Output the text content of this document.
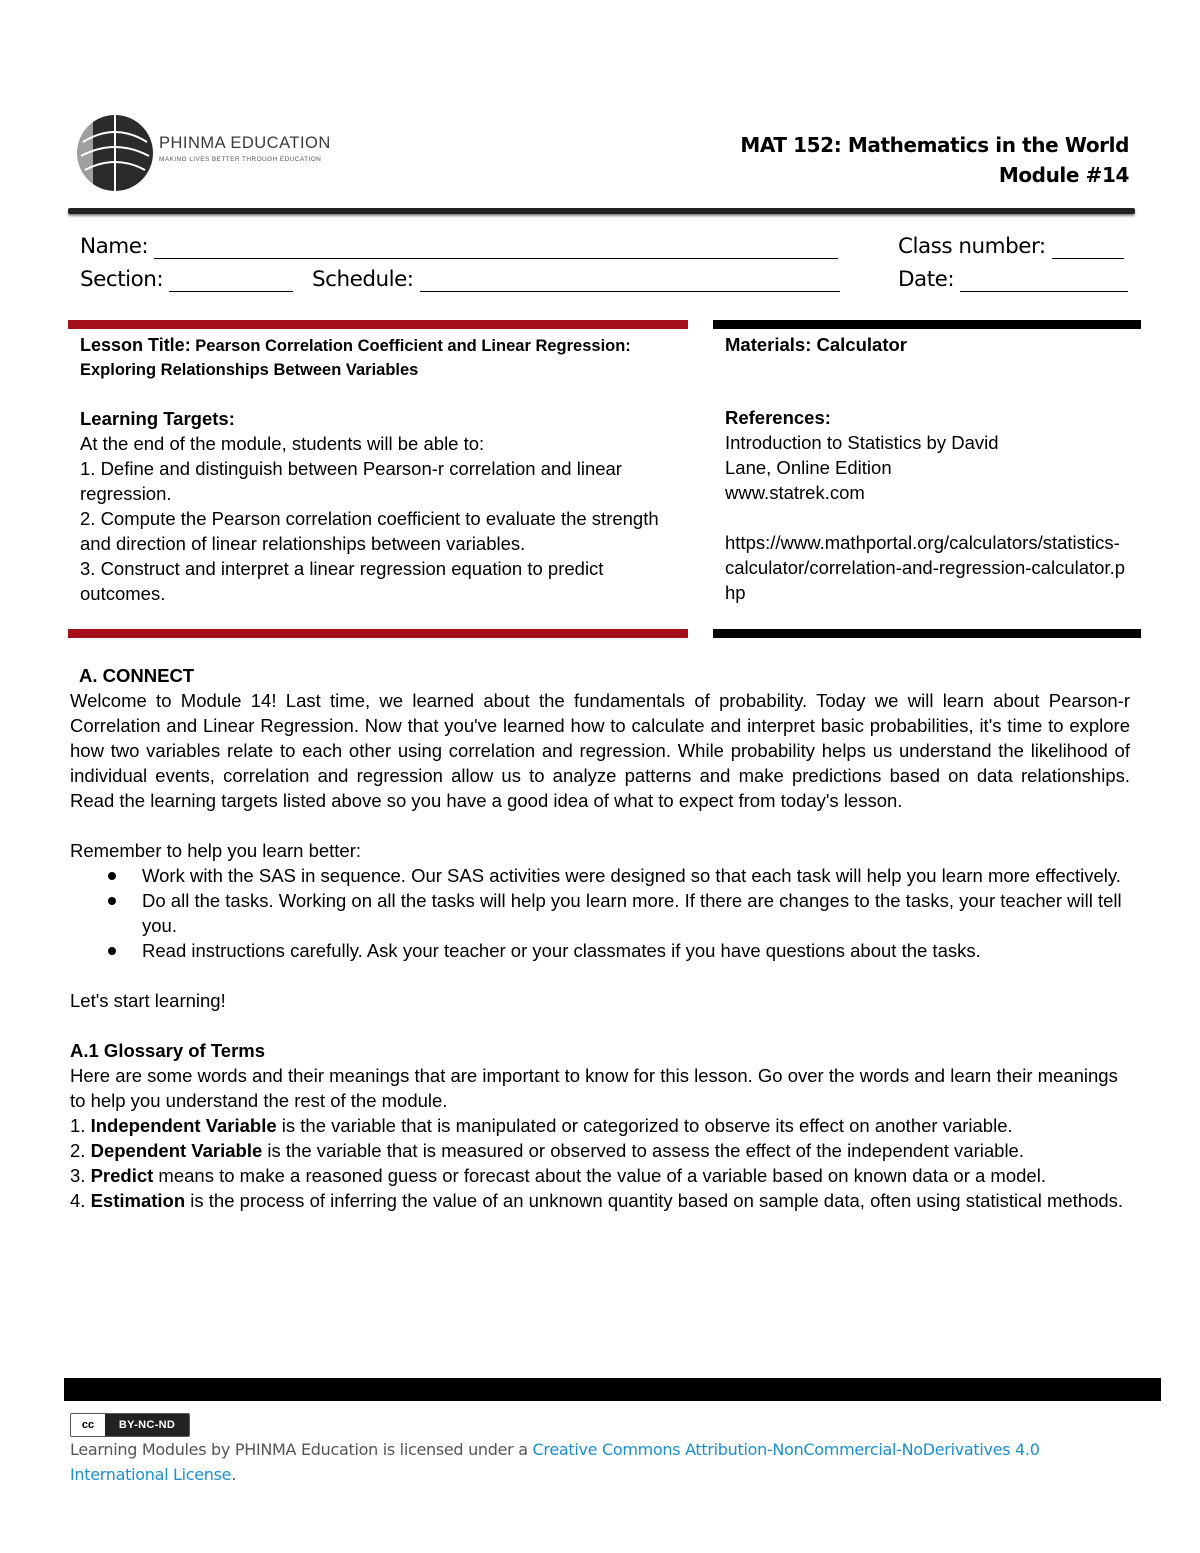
PHINMA EDUCATION
MAKING LIVES BETTER THROUGH EDUCATION
MAT 152: Mathematics in the World
Module #14
Name:	Class number:
Section:	Schedule:	Date:
Lesson Title: Pearson Correlation Coefficient and Linear Regression: Exploring Relationships Between Variables
Learning Targets:
At the end of the module, students will be able to:
1. Define and distinguish between Pearson-r correlation and linear regression.
2. Compute the Pearson correlation coefficient to evaluate the strength and direction of linear relationships between variables.
3. Construct and interpret a linear regression equation to predict outcomes.
Materials: Calculator
References:
Introduction to Statistics by David Lane, Online Edition
www.statrek.com
https://www.mathportal.org/calculators/statistics-calculator/correlation-and-regression-calculator.php

A. CONNECT

Welcome to Module 14! Last time, we learned about the fundamentals of probability. Today we will learn about Pearson-r Correlation and Linear Regression. Now that you've learned how to calculate and interpret basic probabilities, it's time to explore how two variables relate to each other using correlation and regression. While probability helps us understand the likelihood of individual events, correlation and regression allow us to analyze patterns and make predictions based on data relationships. Read the learning targets listed above so you have a good idea of what to expect from today's lesson.

Remember to help you learn better:

Work with the SAS in sequence. Our SAS activities were designed so that each task will help you learn more effectively.
Do all the tasks. Working on all the tasks will help you learn more. If there are changes to the tasks, your teacher will tell you.
Read instructions carefully. Ask your teacher or your classmates if you have questions about the tasks.

Let's start learning!

A.1 Glossary of Terms

Here are some words and their meanings that are important to know for this lesson. Go over the words and learn their meanings to help you understand the rest of the module.

1. Independent Variable is the variable that is manipulated or categorized to observe its effect on another variable.

2. Dependent Variable is the variable that is measured or observed to assess the effect of the independent variable.

3. Predict means to make a reasoned guess or forecast about the value of a variable based on known data or a model.

4. Estimation is the process of inferring the value of an unknown quantity based on sample data, often using statistical methods.

cc	BY-NC-ND
Learning Modules by PHINMA Education is licensed under a Creative Commons Attribution-NonCommercial-NoDerivatives 4.0 International License.
